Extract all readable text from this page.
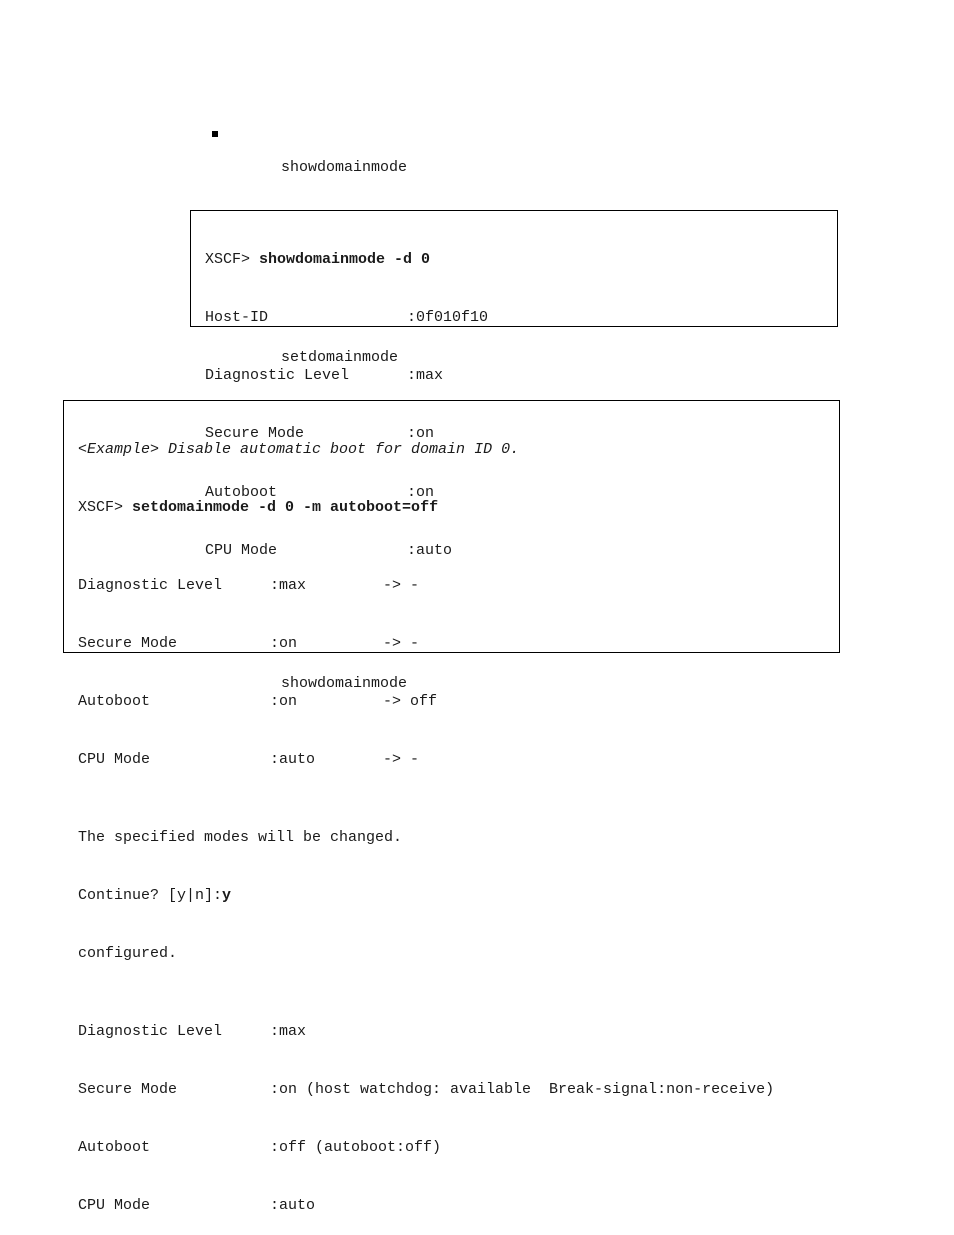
showdomainmode

XSCF> showdomainmode -d 0

Host-ID	:0f010f10

Diagnostic Level	:max

Secure Mode	:on

Autoboot	:on

CPU Mode	:auto

setdomainmode

<Example> Disable automatic boot for domain ID 0.

XSCF> setdomainmode -d 0 -m autoboot=off

Diagnostic Level	:max	-> -

Secure Mode	:on	-> -

Autoboot	:on	-> off

CPU Mode	:auto	-> -

The specified modes will be changed.

Continue? [y|n]:y

configured.

Diagnostic Level	:max

Secure Mode	:on (host watchdog: available  Break-signal:non-receive)

Autoboot	:off (autoboot:off)

CPU Mode	:auto

showdomainmode
